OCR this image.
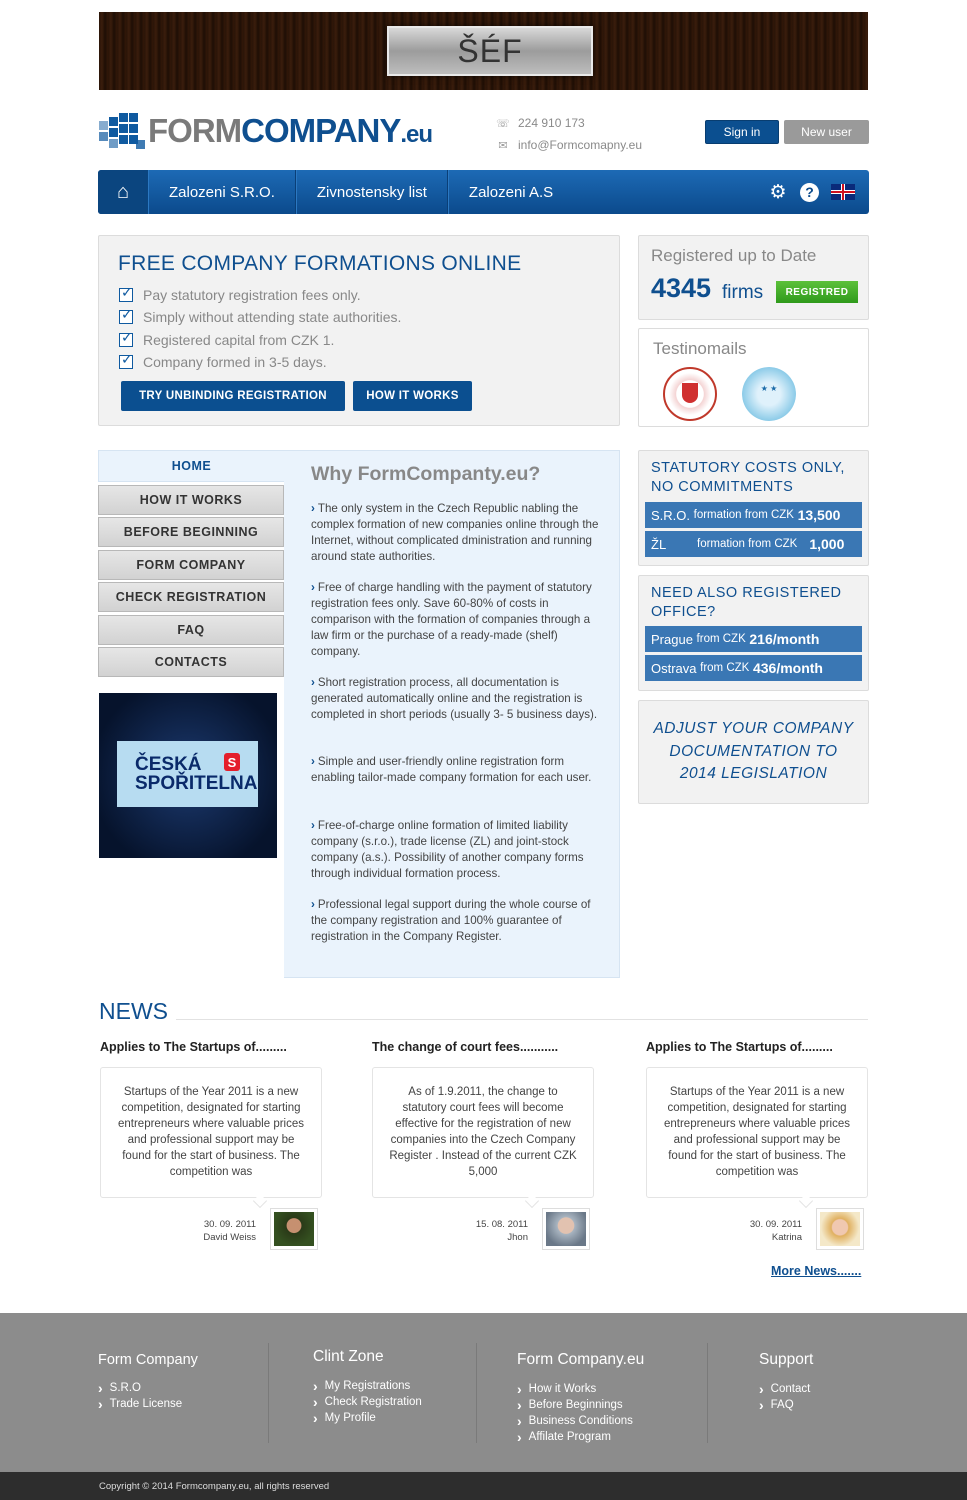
ŠÉF
FORMCOMPANY.eu	☏ 224 910 173
✉ info@Formcomapny.eu
Sign in	New user
⌂	Zalozeni S.R.O.	Zivnostensky list	Zalozeni A.S	⚙	?
FREE COMPANY FORMATIONS ONLINE
✓
Pay statutory registration fees only.
✓
Simply without attending state authorities.
✓
Registered capital from CZK 1.
✓
Company formed in 3-5 days.
TRY UNBINDING REGISTRATION	HOW IT WORKS
Registered up to Date
4345 firms	REGISTRED
Testinomails
★ ★
HOME
HOW IT WORKS
BEFORE BEGINNING
FORM COMPANY
CHECK REGISTRATION
FAQ
CONTACTS
ČESKÁ
SPOŘITELNA
S
Why FormCompanty.eu?
› The only system in the Czech Republic nabling the complex formation of new companies online through the Internet, without complicated dministration and running around state authorities.
› Free of charge handling with the payment of statutory registration fees only. Save 60-80% of costs in comparison with the formation of companies through a law firm or the purchase of a ready-made (shelf) company.
› Short registration process, all documentation is generated automatically online and the registration is completed in short periods (usually 3- 5 business days).
› Simple and user-friendly online registration form enabling tailor-made company formation for each user.
› Free-of-charge online formation of limited liability company (s.r.o.), trade license (ZL) and joint-stock company (a.s.). Possibility of another company forms through individual formation process.
› Professional legal support during the whole course of the company registration and 100% guarantee of registration in the Company Register.
STATUTORY COSTS ONLY,
NO COMMITMENTS
S.R.O.
formation from CZK
13,500
ŽL	formation from CZK 1,000
NEED ALSO REGISTERED
OFFICE?
Prague
from CZK
216/month
Ostrava
from CZK
436/month
ADJUST YOUR COMPANY
DOCUMENTATION TO
2014 LEGISLATION
NEWS
Applies to The Startups of.........
Startups of the Year 2011 is a new competition, designated for starting entrepreneurs where valuable prices and professional support may be found for the start of business. The competition was
30. 09. 2011
David Weiss
The change of court fees...........
As of 1.9.2011, the change to statutory court fees will become effective for the registration of new companies into the Czech Company Register . Instead of the current CZK 5,000
15. 08. 2011
Jhon
Applies to The Startups of.........
Startups of the Year 2011 is a new competition, designated for starting entrepreneurs where valuable prices and professional support may be found for the start of business. The competition was
30. 09. 2011
Katrina
More News.......
Form Company
› S.R.O
› Trade License
Clint Zone
› My Registrations
› Check Registration
› My Profile
Form Company.eu
› How it Works
› Before Beginnings
› Business Conditions
› Affilate Program
Support
› Contact
› FAQ
Copyright © 2014 Formcompany.eu, all rights reserved
